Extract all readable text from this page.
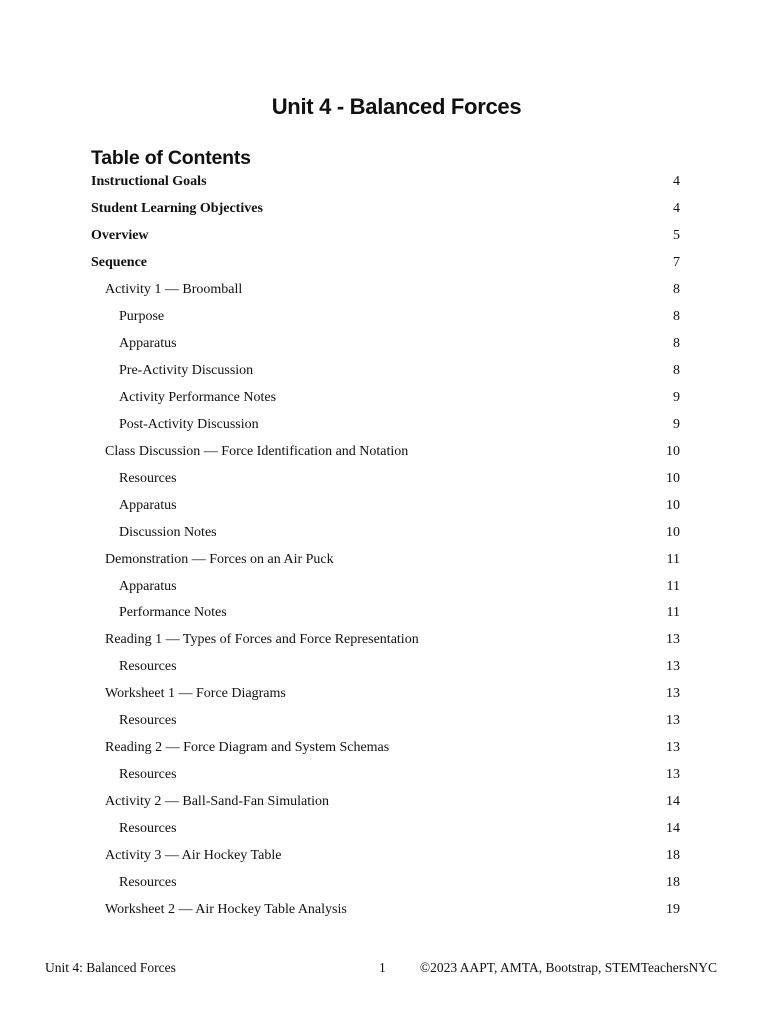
Unit 4 - Balanced Forces
Table of Contents
Instructional Goals	4
Student Learning Objectives	4
Overview	5
Sequence	7
Activity 1 — Broomball	8
Purpose	8
Apparatus	8
Pre-Activity Discussion	8
Activity Performance Notes	9
Post-Activity Discussion	9
Class Discussion — Force Identification and Notation	10
Resources	10
Apparatus	10
Discussion Notes	10
Demonstration — Forces on an Air Puck	11
Apparatus	11
Performance Notes	11
Reading 1 — Types of Forces and Force Representation	13
Resources	13
Worksheet 1 — Force Diagrams	13
Resources	13
Reading 2 — Force Diagram and System Schemas	13
Resources	13
Activity 2 — Ball-Sand-Fan Simulation	14
Resources	14
Activity 3 — Air Hockey Table	18
Resources	18
Worksheet 2 — Air Hockey Table Analysis	19
Unit 4: Balanced Forces	1	©2023 AAPT, AMTA, Bootstrap, STEMTeachersNYC
